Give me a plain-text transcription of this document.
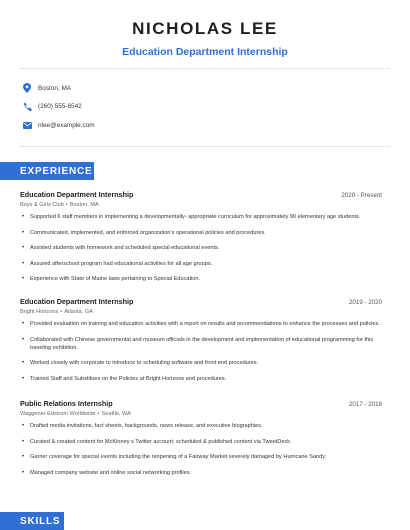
NICHOLAS LEE
Education Department Internship
Boston, MA
(260) 555-6542
nlee@example.com
EXPERIENCE
Education Department Internship	2020 - Present
Boys & Girls Club • Boston, MA
•	Supported 6 staff members in implementing a developmentally- appropriate curriculum for approximately 90 elementary age students.
•	Communicated, implemented, and enforced organization's operational policies and procedures.
•	Assisted students with homework and scheduled special educational events.
•	Assured afterschool program had educational activities for all age groups.
•	Experience with State of Maine laws pertaining to Special Education.
Education Department Internship	2019 - 2020
Bright Horizons • Atlanta, GA
•	Provided evaluation on training and education activities with a report on results and recommendations to enhance the processes and policies.
•	Collaborated with Chinese governmental and museum officials in the development and implementation of educational programming for this traveling exhibition.
•	Worked closely with corporate to introduce to scheduling software and front end procedures.
•	Trained Staff and Substitues on the Policies at Bright Horizons and procedures.
Public Relations Internship	2017 - 2018
Waggener Edstrom Worldwide • Seattle, WA
•	Drafted media invitations, fact sheets, backgrounds, news release, and executive biographies.
•	Curated & created content for McKinney s Twitter account; scheduled & published content via TweetDeck.
•	Garner coverage for special events including the reopening of a Fairway Market severely damaged by Hurricane Sandy.
•	Managed company website and online social networking profiles.
SKILLS
